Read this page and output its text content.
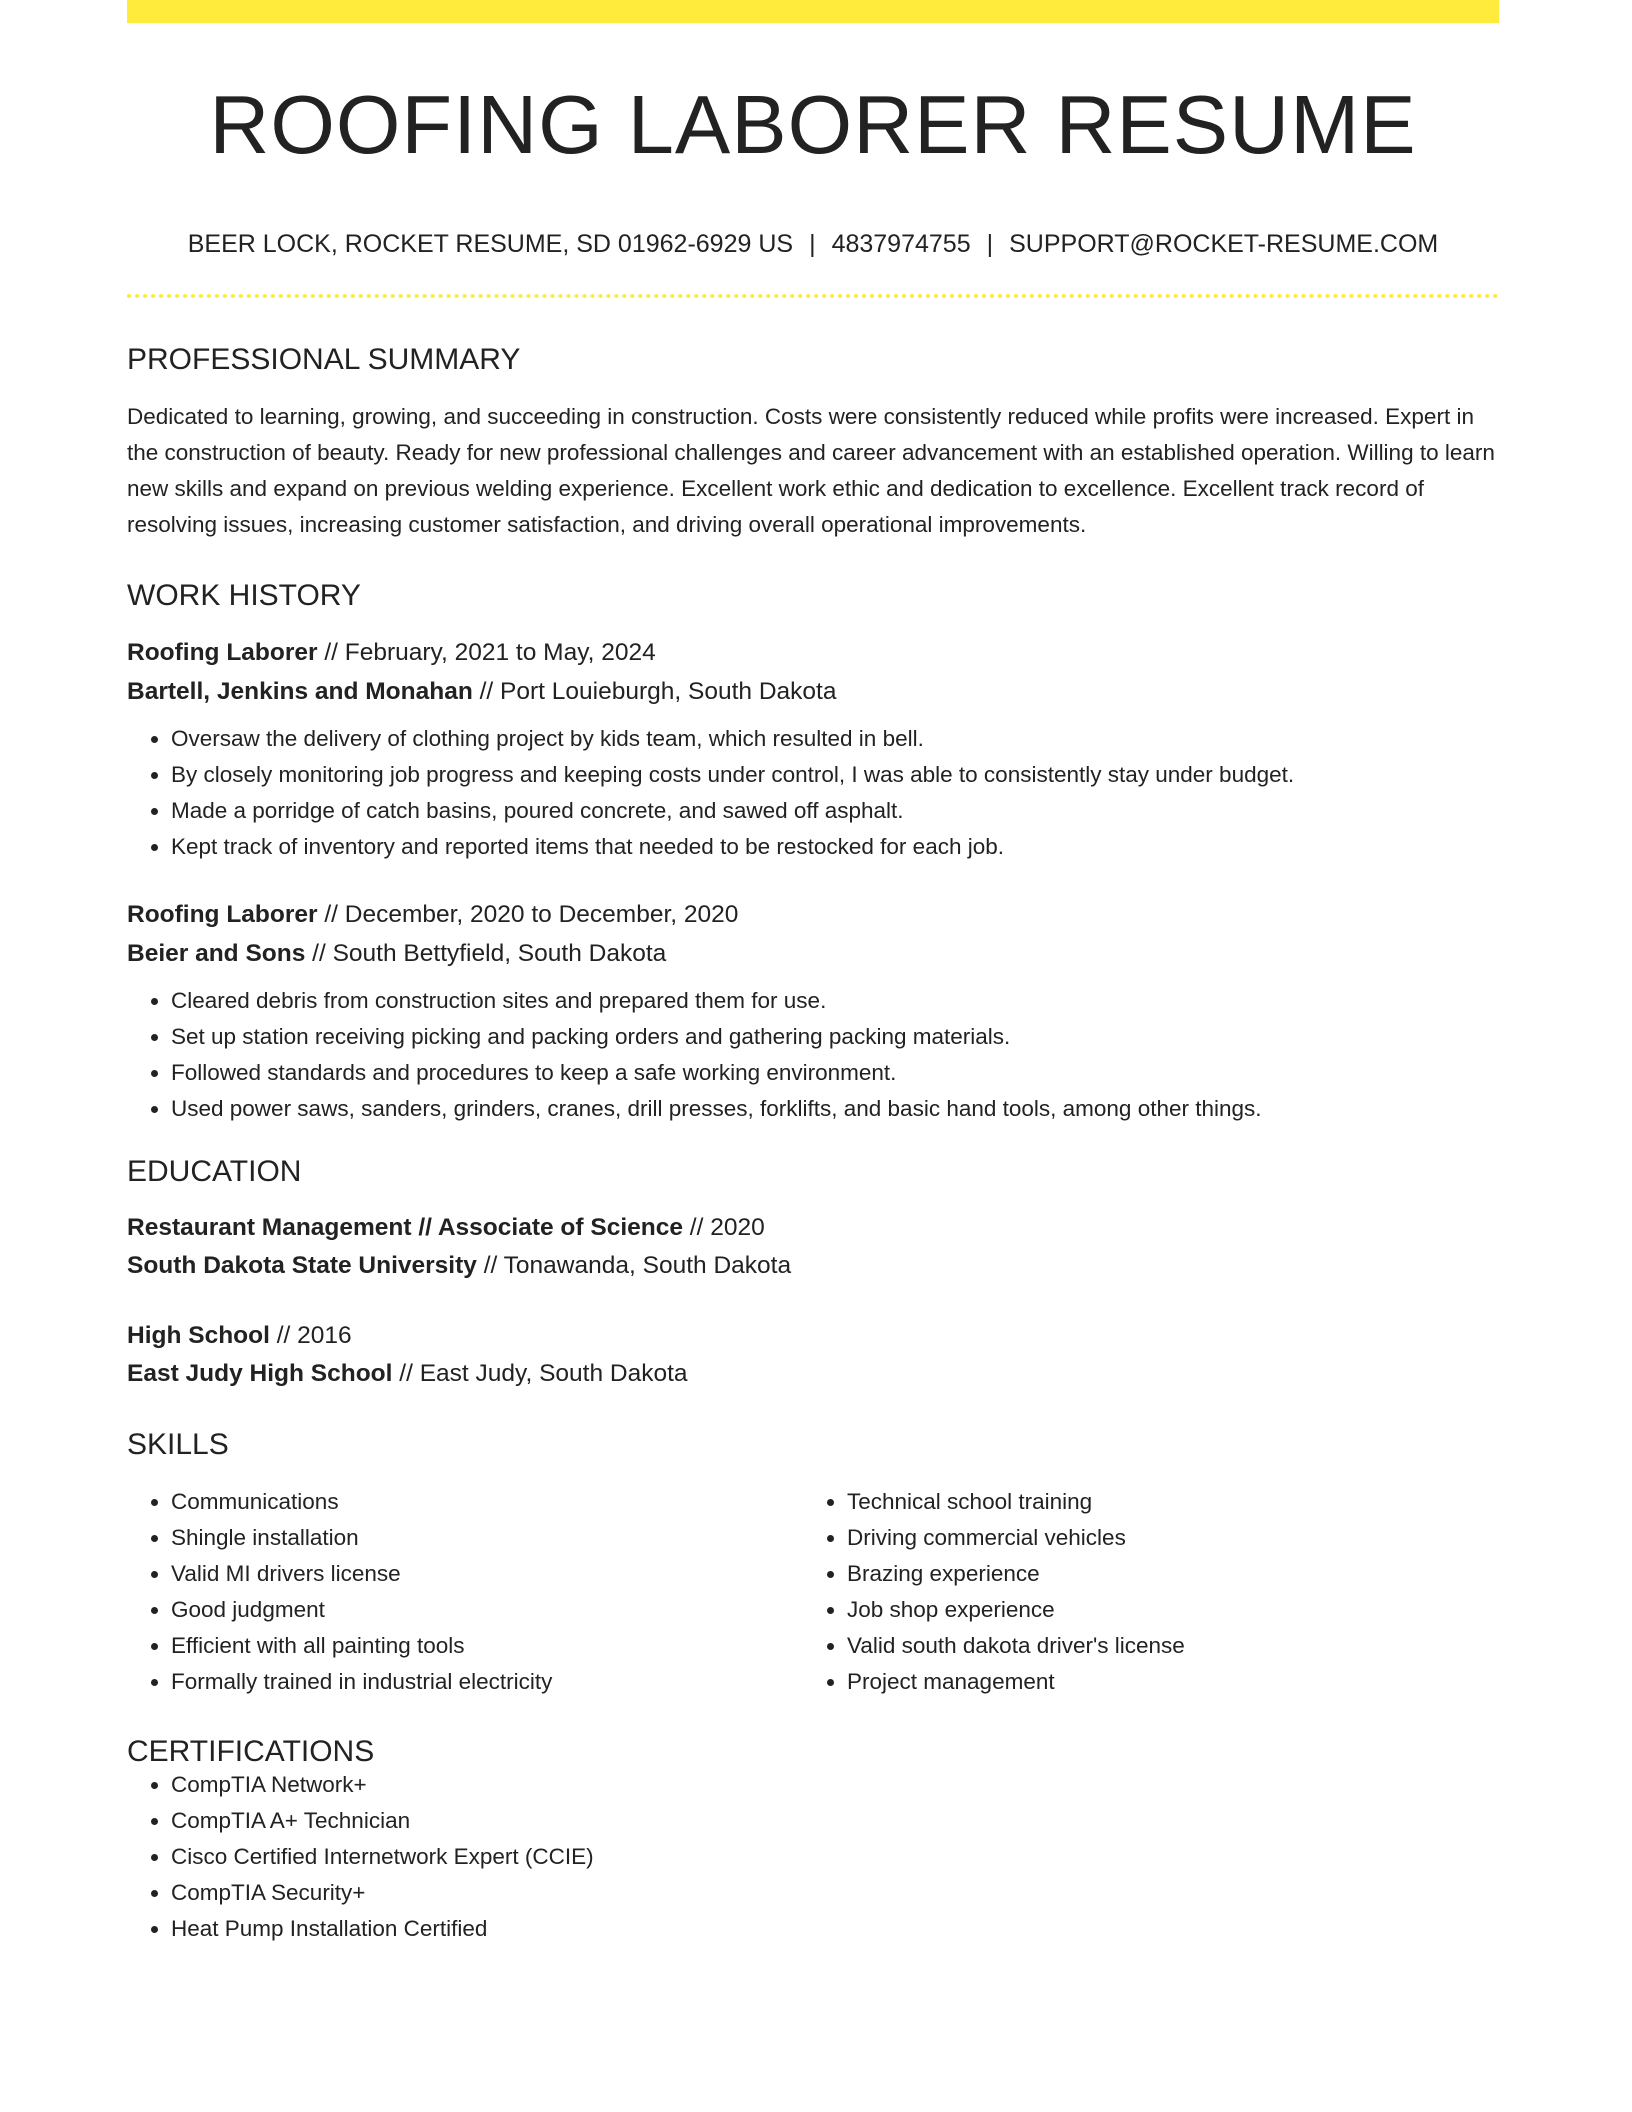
ROOFING LABORER RESUME
BEER LOCK, ROCKET RESUME, SD 01962-6929 US | 4837974755 | SUPPORT@ROCKET-RESUME.COM
PROFESSIONAL SUMMARY
Dedicated to learning, growing, and succeeding in construction. Costs were consistently reduced while profits were increased. Expert in the construction of beauty. Ready for new professional challenges and career advancement with an established operation. Willing to learn new skills and expand on previous welding experience. Excellent work ethic and dedication to excellence. Excellent track record of resolving issues, increasing customer satisfaction, and driving overall operational improvements.
WORK HISTORY
Roofing Laborer // February, 2021 to May, 2024
Bartell, Jenkins and Monahan // Port Louieburgh, South Dakota
• Oversaw the delivery of clothing project by kids team, which resulted in bell.
• By closely monitoring job progress and keeping costs under control, I was able to consistently stay under budget.
• Made a porridge of catch basins, poured concrete, and sawed off asphalt.
• Kept track of inventory and reported items that needed to be restocked for each job.
Roofing Laborer // December, 2020 to December, 2020
Beier and Sons // South Bettyfield, South Dakota
• Cleared debris from construction sites and prepared them for use.
• Set up station receiving picking and packing orders and gathering packing materials.
• Followed standards and procedures to keep a safe working environment.
• Used power saws, sanders, grinders, cranes, drill presses, forklifts, and basic hand tools, among other things.
EDUCATION
Restaurant Management // Associate of Science // 2020
South Dakota State University // Tonawanda, South Dakota
High School // 2016
East Judy High School // East Judy, South Dakota
SKILLS
• Communications
• Shingle installation
• Valid MI drivers license
• Good judgment
• Efficient with all painting tools
• Formally trained in industrial electricity
• Technical school training
• Driving commercial vehicles
• Brazing experience
• Job shop experience
• Valid south dakota driver's license
• Project management
CERTIFICATIONS
• CompTIA Network+
• CompTIA A+ Technician
• Cisco Certified Internetwork Expert (CCIE)
• CompTIA Security+
• Heat Pump Installation Certified
